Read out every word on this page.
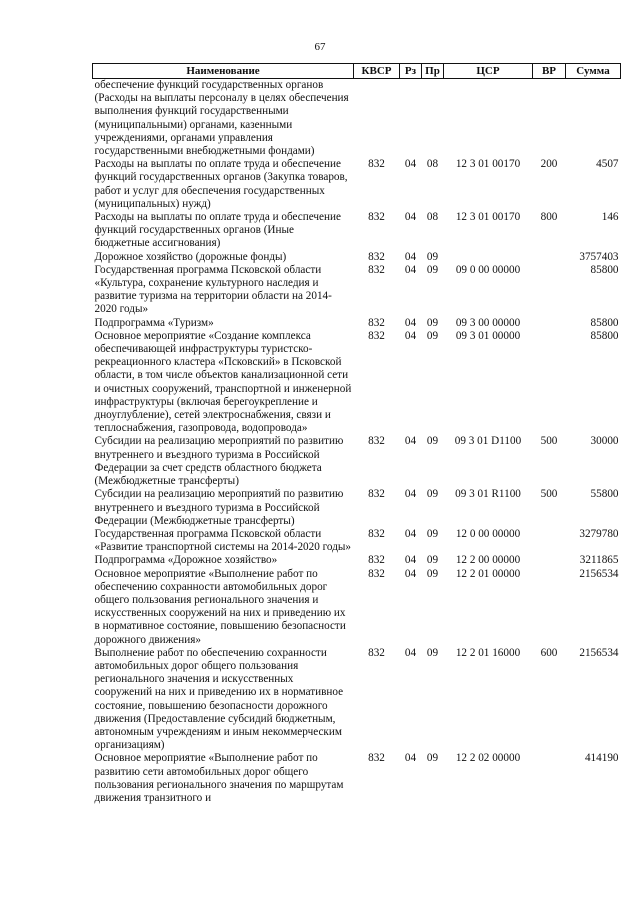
67
Наименование	КВСР	Рз	Пр	ЦСР	ВР	Сумма
обеспечение функций государственных органов (Расходы на выплаты персоналу в целях обеспечения выполнения функций государственными (муниципальными) органами, казенными учреждениями, органами управления государственными внебюджетными фондами)						
Расходы на выплаты по оплате труда и обеспечение функций государственных органов (Закупка товаров, работ и услуг для обеспечения государственных (муниципальных) нужд)	832	04	08	12 3 01 00170	200	4507
Расходы на выплаты по оплате труда и обеспечение функций государственных органов (Иные бюджетные ассигнования)	832	04	08	12 3 01 00170	800	146
Дорожное хозяйство (дорожные фонды)	832	04	09			3757403
Государственная программа Псковской области «Культура, сохранение культурного наследия и развитие туризма на территории области на 2014-2020 годы»	832	04	09	09 0 00 00000		85800
Подпрограмма «Туризм»	832	04	09	09 3 00 00000		85800
Основное мероприятие «Создание комплекса обеспечивающей инфраструктуры туристско-рекреационного кластера «Псковский» в Псковской области, в том числе объектов канализационной сети и очистных сооружений, транспортной и инженерной инфраструктуры (включая берегоукрепление и дноуглубление), сетей электроснабжения, связи и теплоснабжения, газопровода, водопровода»	832	04	09	09 3 01 00000		85800
Субсидии на реализацию мероприятий по развитию внутреннего и въездного туризма в Российской Федерации за счет средств областного бюджета (Межбюджетные трансферты)	832	04	09	09 3 01 D1100	500	30000
Субсидии на реализацию мероприятий по развитию внутреннего и въездного туризма в Российской Федерации (Межбюджетные трансферты)	832	04	09	09 3 01 R1100	500	55800
Государственная программа Псковской области «Развитие транспортной системы на 2014-2020 годы»	832	04	09	12 0 00 00000		3279780
Подпрограмма «Дорожное хозяйство»	832	04	09	12 2 00 00000		3211865
Основное мероприятие «Выполнение работ по обеспечению сохранности автомобильных дорог общего пользования регионального значения и искусственных сооружений на них и приведению их в нормативное состояние, повышению безопасности дорожного движения»	832	04	09	12 2 01 00000		2156534
Выполнение работ по обеспечению сохранности автомобильных дорог общего пользования регионального значения и искусственных сооружений на них и приведению их в нормативное состояние, повышению безопасности дорожного движения (Предоставление субсидий бюджетным, автономным учреждениям и иным некоммерческим организациям)	832	04	09	12 2 01 16000	600	2156534
Основное мероприятие «Выполнение работ по развитию сети автомобильных дорог общего пользования регионального значения по маршрутам движения транзитного и	832	04	09	12 2 02 00000		414190
